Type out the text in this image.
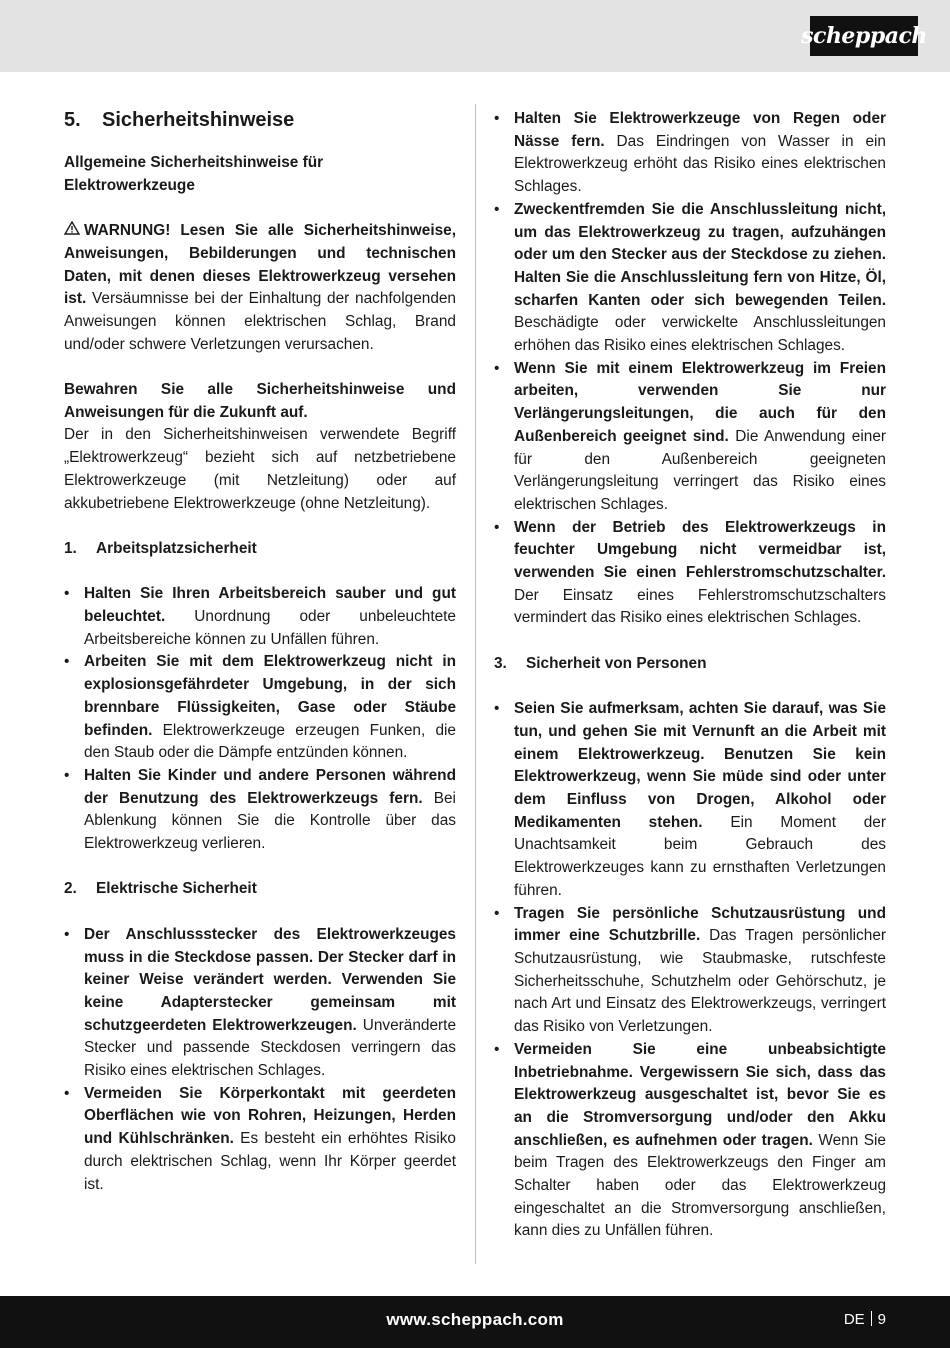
scheppach
5. Sicherheitshinweise

Allgemeine Sicherheitshinweise für Elektrowerkzeuge

WARNUNG! Lesen Sie alle Sicherheitshinweise, Anweisungen, Bebilderungen und technischen Daten, mit denen dieses Elektrowerkzeug versehen ist. Versäumnisse bei der Einhaltung der nachfolgenden Anweisungen können elektrischen Schlag, Brand und/oder schwere Verletzungen verursachen.

Bewahren Sie alle Sicherheitshinweise und Anweisungen für die Zukunft auf.

Der in den Sicherheitshinweisen verwendete Begriff „Elektrowerkzeug“ bezieht sich auf netzbetriebene Elektrowerkzeuge (mit Netzleitung) oder auf akkubetriebene Elektrowerkzeuge (ohne Netzleitung).

1. Arbeitsplatzsicherheit

• Halten Sie Ihren Arbeitsbereich sauber und gut beleuchtet. Unordnung oder unbeleuchtete Arbeitsbereiche können zu Unfällen führen.
• Arbeiten Sie mit dem Elektrowerkzeug nicht in explosionsgefährdeter Umgebung, in der sich brennbare Flüssigkeiten, Gase oder Stäube befinden. Elektrowerkzeuge erzeugen Funken, die den Staub oder die Dämpfe entzünden können.
• Halten Sie Kinder und andere Personen während der Benutzung des Elektrowerkzeugs fern. Bei Ablenkung können Sie die Kontrolle über das Elektrowerkzeug verlieren.

2. Elektrische Sicherheit

• Der Anschlussstecker des Elektrowerkzeuges muss in die Steckdose passen. Der Stecker darf in keiner Weise verändert werden. Verwenden Sie keine Adapterstecker gemeinsam mit schutzgeerdeten Elektrowerkzeugen. Unveränderte Stecker und passende Steckdosen verringern das Risiko eines elektrischen Schlages.
• Vermeiden Sie Körperkontakt mit geerdeten Oberflächen wie von Rohren, Heizungen, Herden und Kühlschränken. Es besteht ein erhöhtes Risiko durch elektrischen Schlag, wenn Ihr Körper geerdet ist.
• Halten Sie Elektrowerkzeuge von Regen oder Nässe fern. Das Eindringen von Wasser in ein Elektrowerkzeug erhöht das Risiko eines elektrischen Schlages.
• Zweckentfremden Sie die Anschlussleitung nicht, um das Elektrowerkzeug zu tragen, aufzuhängen oder um den Stecker aus der Steckdose zu ziehen. Halten Sie die Anschlussleitung fern von Hitze, Öl, scharfen Kanten oder sich bewegenden Teilen. Beschädigte oder verwickelte Anschlussleitungen erhöhen das Risiko eines elektrischen Schlages.
• Wenn Sie mit einem Elektrowerkzeug im Freien arbeiten, verwenden Sie nur Verlängerungsleitungen, die auch für den Außenbereich geeignet sind. Die Anwendung einer für den Außenbereich geeigneten Verlängerungsleitung verringert das Risiko eines elektrischen Schlages.
• Wenn der Betrieb des Elektrowerkzeugs in feuchter Umgebung nicht vermeidbar ist, verwenden Sie einen Fehlerstromschutzschalter. Der Einsatz eines Fehlerstromschutzschalters vermindert das Risiko eines elektrischen Schlages.

3. Sicherheit von Personen

• Seien Sie aufmerksam, achten Sie darauf, was Sie tun, und gehen Sie mit Vernunft an die Arbeit mit einem Elektrowerkzeug. Benutzen Sie kein Elektrowerkzeug, wenn Sie müde sind oder unter dem Einfluss von Drogen, Alkohol oder Medikamenten stehen. Ein Moment der Unachtsamkeit beim Gebrauch des Elektrowerkzeuges kann zu ernsthaften Verletzungen führen.
• Tragen Sie persönliche Schutzausrüstung und immer eine Schutzbrille. Das Tragen persönlicher Schutzausrüstung, wie Staubmaske, rutschfeste Sicherheitsschuhe, Schutzhelm oder Gehörschutz, je nach Art und Einsatz des Elektrowerkzeugs, verringert das Risiko von Verletzungen.
• Vermeiden Sie eine unbeabsichtigte Inbetriebnahme. Vergewissern Sie sich, dass das Elektrowerkzeug ausgeschaltet ist, bevor Sie es an die Stromversorgung und/oder den Akku anschließen, es aufnehmen oder tragen. Wenn Sie beim Tragen des Elektrowerkzeugs den Finger am Schalter haben oder das Elektrowerkzeug eingeschaltet an die Stromversorgung anschließen, kann dies zu Unfällen führen.
www.scheppach.com	DE 9
